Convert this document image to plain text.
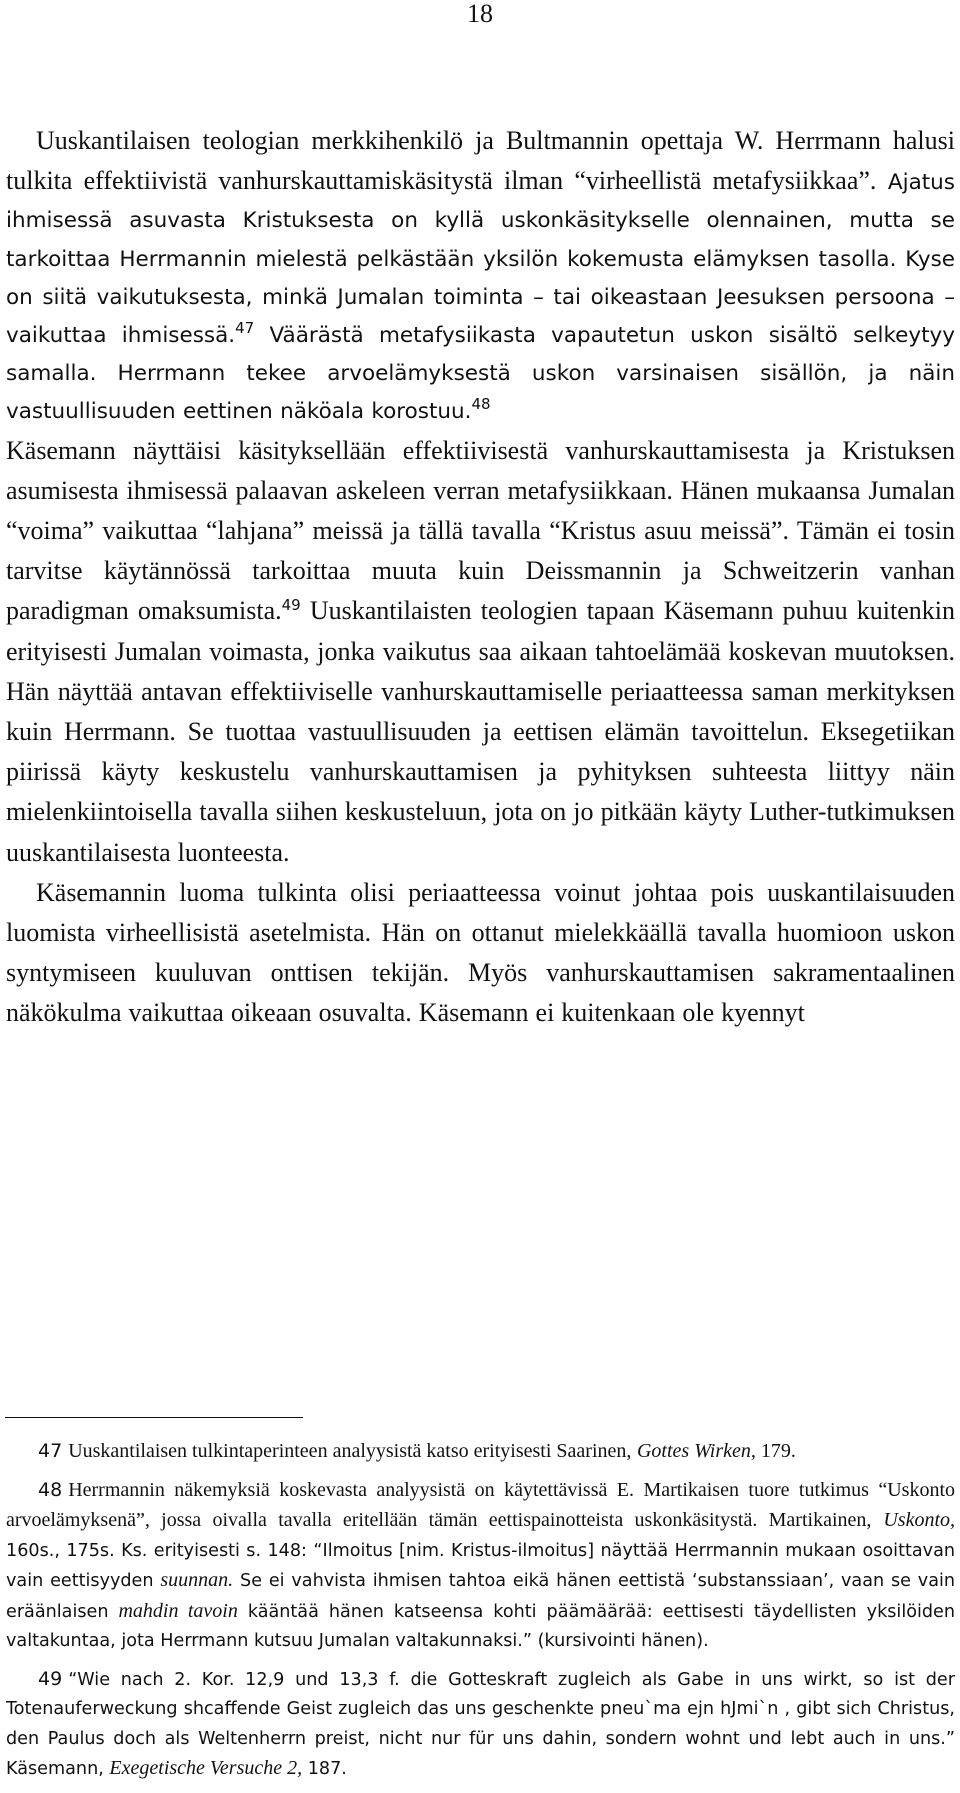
18

Uuskantilaisen teologian merkkihenkilö ja Bultmannin opettaja W. Herrmann halusi tulkita effektiivistä vanhurskauttamiskäsitystä ilman “virheellistä metafysiikkaa”. Ajatus ihmisessä asuvasta Kristuksesta on kyllä uskonkäsitykselle olennainen, mutta se tarkoittaa Herrmannin mielestä pelkästään yksilön kokemusta elämyksen tasolla. Kyse on siitä vaikutuksesta, minkä Jumalan toiminta – tai oikeastaan Jeesuksen persoona – vaikuttaa ihmisessä.$^{47}$ Väärästä metafysiikasta vapautetun uskon sisältö selkeytyy samalla. Herrmann tekee arvoelämyksestä uskon varsinaisen sisällön, ja näin vastuullisuuden eettinen näköala korostuu.$^{48}$
Käsemann näyttäisi käsityksellään effektiivisestä vanhurskauttamisesta ja Kristuksen asumisesta ihmisessä palaavan askeleen verran metafysiikkaan. Hänen mukaansa Jumalan “voima” vaikuttaa “lahjana” meissä ja tällä tavalla “Kristus asuu meissä”. Tämän ei tosin tarvitse käytännössä tarkoittaa muuta kuin Deissmannin ja Schweitzerin vanhan paradigman omaksumista.$^{49}$ Uuskantilaisten teologien tapaan Käsemann puhuu kuitenkin erityisesti Jumalan voimasta, jonka vaikutus saa aikaan tahtoelämää koskevan muutoksen. Hän näyttää antavan effektiiviselle vanhurskauttamiselle periaatteessa saman merkityksen kuin Herrmann. Se tuottaa vastuullisuuden ja eettisen elämän tavoittelun. Eksegetiikan piirissä käyty keskustelu vanhurskauttamisen ja pyhityksen suhteesta liittyy näin mielenkiintoisella tavalla siihen keskusteluun, jota on jo pitkään käyty Luther-tutkimuksen uuskantilaisesta luonteesta.

Käsemannin luoma tulkinta olisi periaatteessa voinut johtaa pois uuskantilaisuuden luomista virheellisistä asetelmista. Hän on ottanut mielekkäällä tavalla huomioon uskon syntymiseen kuuluvan onttisen tekijän. Myös vanhurskauttamisen sakramentaalinen näkökulma vaikuttaa oikeaan osuvalta. Käsemann ei kuitenkaan ole kyennyt

47 Uuskantilaisen tulkintaperinteen analyysistä katso erityisesti Saarinen, Gottes Wirken, 179.

48 Herrmannin näkemyksiä koskevasta analyysistä on käytettävissä E. Martikaisen tuore tutkimus “Uskonto arvoelämyksenä”, jossa oivalla tavalla eritellään tämän eettispainotteista uskonkäsitystä. Martikainen, Uskonto, 160s., 175s. Ks. erityisesti s. 148: “Ilmoitus [nim. Kristus-ilmoitus] näyttää Herrmannin mukaan osoittavan vain eettisyyden suunnan. Se ei vahvista ihmisen tahtoa eikä hänen eettistä ‘substanssiaan’, vaan se vain eräänlaisen mahdin tavoin kääntää hänen katseensa kohti päämäärää: eettisesti täydellisten yksilöiden valtakuntaa, jota Herrmann kutsuu Jumalan valtakunnaksi.” (kursivointi hänen).

49 “Wie nach 2. Kor. 12,9 und 13,3 f. die Gotteskraft zugleich als Gabe in uns wirkt, so ist der Totenauferweckung shcaffende Geist zugleich das uns geschenkte pneu`ma ejn hJmi`n , gibt sich Christus, den Paulus doch als Weltenherrn preist, nicht nur für uns dahin, sondern wohnt und lebt auch in uns.” Käsemann, Exegetische Versuche 2, 187.
